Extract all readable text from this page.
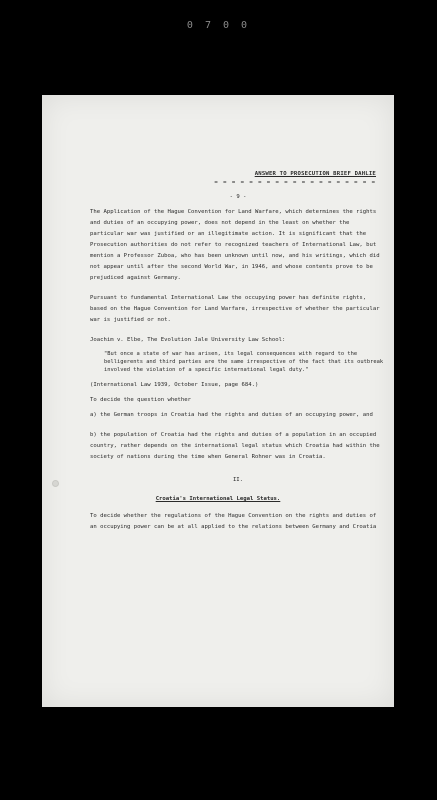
0 7 0 0
ANSWER TO PROSECUTION BRIEF DAHLIE
= = = = = = = = = = = = = = = = = = =
- 9 -

The Application of the Hague Convention for Land Warfare, which determines the rights and duties of an occupying power, does not depend in the least on whether the particular war was justified or an illegitimate action. It is significant that the Prosecution authorities do not refer to recognized teachers of International Law, but mention a Professor Zuboa, who has been unknown until now, and his writings, which did not appear until after the second World War, in 1946, and whose contents prove to be prejudiced against Germany.

Pursuant to fundamental International Law the occupying power has definite rights, based on the Hague Convention for Land Warfare, irrespective of whether the particular war is justified or not.

Joachim v. Elbe, The Evolution Jale University Law School:

"But once a state of war has arisen, its legal consequences with regard to the belligerents and third parties are the same irrespective of the fact that its outbreak involved the violation of a specific international legal duty."

(International Law 1939, October Issue, page 684.)

To decide the question whether

a) the German troops in Croatia had the rights and duties of an occupying power, and

b) the population of Croatia had the rights and duties of a population in an occupied country, rather depends on the international legal status which Croatia had within the society of nations during the time when General Rohner was in Croatia.

II.
Croatia's International Legal Status.

To decide whether the regulations of the Hague Convention on the rights and duties of an occupying power can be at all applied to the relations between Germany and Croatia
